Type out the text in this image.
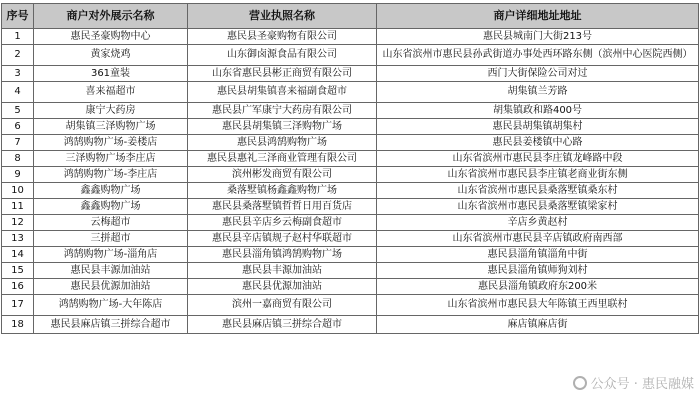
序号	商户对外展示名称	营业执照名称	商户详细地址地址
1	惠民圣豪购物中心	惠民县圣豪购物有限公司	惠民县城南门大街213号
2	黄家烧鸡	山东御卤源食品有限公司	山东省滨州市惠民县孙武街道办事处西环路东侧（滨州中心医院西侧）
3	361童装	山东省惠民县彬正商贸有限公司	西门大街保险公司对过
4	喜来福超市	惠民县胡集镇喜来福副食超市	胡集镇兰芳路
5	康宁大药房	惠民县广军康宁大药房有限公司	胡集镇政和路400号
6	胡集镇三泽购物广场	惠民县胡集镇三泽购物广场	惠民县胡集镇胡集村
7	鸿鹄购物广场-姜楼店	惠民县鸿鹄购物广场	惠民县姜楼镇中心路
8	三泽购物广场李庄店	惠民县惠礼三泽商业管理有限公司	山东省滨州市惠民县李庄镇龙峰路中段
9	鸿鹄购物广场-李庄店	滨州彬发商贸有限公司	山东省滨州市惠民县李庄镇老商业街东侧
10	鑫鑫购物广场	桑落墅镇杨鑫鑫购物广场	山东省滨州市惠民县桑落墅镇桑东村
11	鑫鑫购物广场	惠民县桑落墅镇哲哲日用百货店	山东省滨州市惠民县桑落墅镇梁家村
12	云梅超市	惠民县辛店乡云梅副食超市	辛店乡黄赵村
13	三拼超市	惠民县辛店镇规子赵村华联超市	山东省滨州市惠民县辛店镇政府南西部
14	鸿鹄购物广场-淄角店	惠民县淄角镇鸿鹄购物广场	惠民县淄角镇淄角中街
15	惠民县丰源加油站	惠民县丰源加油站	惠民县淄角镇师狗刘村
16	惠民县优源加油站	惠民县优源加油站	惠民县淄角镇政府东200米
17	鸿鹄购物广场-大年陈店	滨州一嘉商贸有限公司	山东省滨州市惠民县大年陈镇王西里联村
18	惠民县麻店镇三拼综合超市	惠民县麻店镇三拼综合超市	麻店镇麻店街
公众号 · 惠民融媒
